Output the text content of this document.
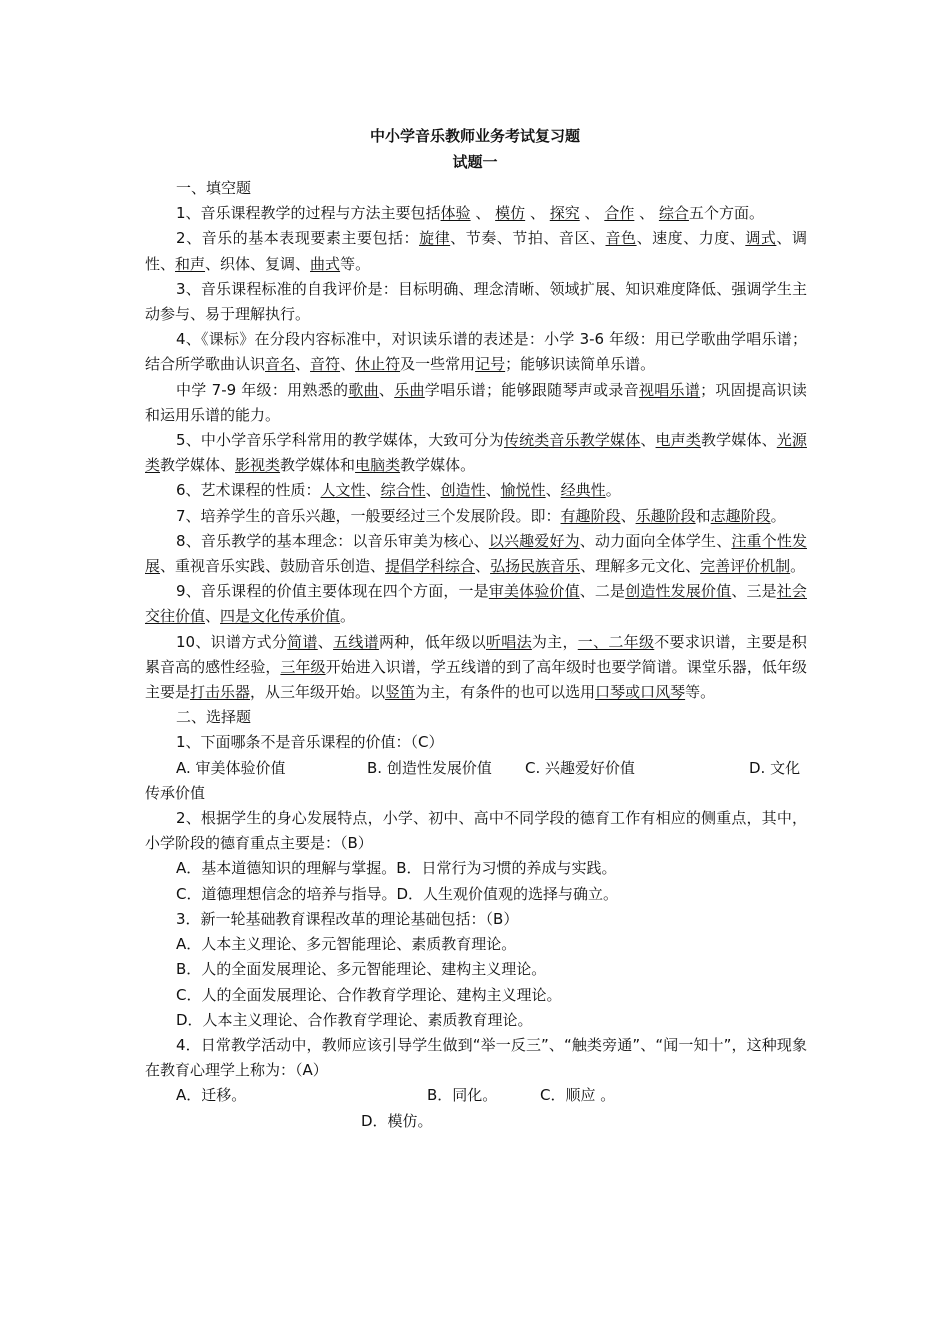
中小学音乐教师业务考试复习题
试题一

一、填空题

1、音乐课程教学的过程与方法主要包括体验 、 模仿 、 探究 、 合作 、 综合五个方面。

2、音乐的基本表现要素主要包括：旋律、节奏、节拍、音区、音色、速度、力度、调式、调性、和声、织体、复调、曲式等。

3、音乐课程标准的自我评价是：目标明确、理念清晰、领域扩展、知识难度降低、强调学生主动参与、易于理解执行。

4、《课标》在分段内容标准中，对识读乐谱的表述是：小学 3-6 年级：用已学歌曲学唱乐谱；结合所学歌曲认识音名、音符、休止符及一些常用记号；能够识读简单乐谱。

中学 7-9 年级：用熟悉的歌曲、乐曲学唱乐谱；能够跟随琴声或录音视唱乐谱；巩固提高识读和运用乐谱的能力。

5、中小学音乐学科常用的教学媒体，大致可分为传统类音乐教学媒体、电声类教学媒体、光源类教学媒体、影视类教学媒体和电脑类教学媒体。

6、艺术课程的性质：人文性、综合性、创造性、愉悦性、经典性。

7、培养学生的音乐兴趣，一般要经过三个发展阶段。即：有趣阶段、乐趣阶段和志趣阶段。

8、音乐教学的基本理念：以音乐审美为核心、以兴趣爱好为、动力面向全体学生、注重个性发展、重视音乐实践、鼓励音乐创造、提倡学科综合、弘扬民族音乐、理解多元文化、完善评价机制。

9、音乐课程的价值主要体现在四个方面，一是审美体验价值、二是创造性发展价值、三是社会交往价值、四是文化传承价值。

10、识谱方式分简谱、五线谱两种，低年级以听唱法为主，一、二年级不要求识谱，主要是积累音高的感性经验，三年级开始进入识谱，学五线谱的到了高年级时也要学简谱。课堂乐器，低年级主要是打击乐器，从三年级开始。以竖笛为主，有条件的也可以选用口琴或口风琴等。

二、选择题

1、下面哪条不是音乐课程的价值：（C）

A. 审美体验价值	B. 创造性发展价值 C. 兴趣爱好价值	D. 文化

传承价值

2、根据学生的身心发展特点，小学、初中、高中不同学段的德育工作有相应的侧重点，其中，小学阶段的德育重点主要是：（B）

A．基本道德知识的理解与掌握。B．日常行为习惯的养成与实践。

C．道德理想信念的培养与指导。D．人生观价值观的选择与确立。

3．新一轮基础教育课程改革的理论基础包括：（B）

A．人本主义理论、多元智能理论、素质教育理论。

B．人的全面发展理论、多元智能理论、建构主义理论。

C．人的全面发展理论、合作教育学理论、建构主义理论。

D．人本主义理论、合作教育学理论、素质教育理论。

4．日常教学活动中，教师应该引导学生做到“举一反三”、“触类旁通”、“闻一知十”，这种现象在教育心理学上称为：（A）

A．迁移。	B．同化。	C．顺应 。

D．模仿。
